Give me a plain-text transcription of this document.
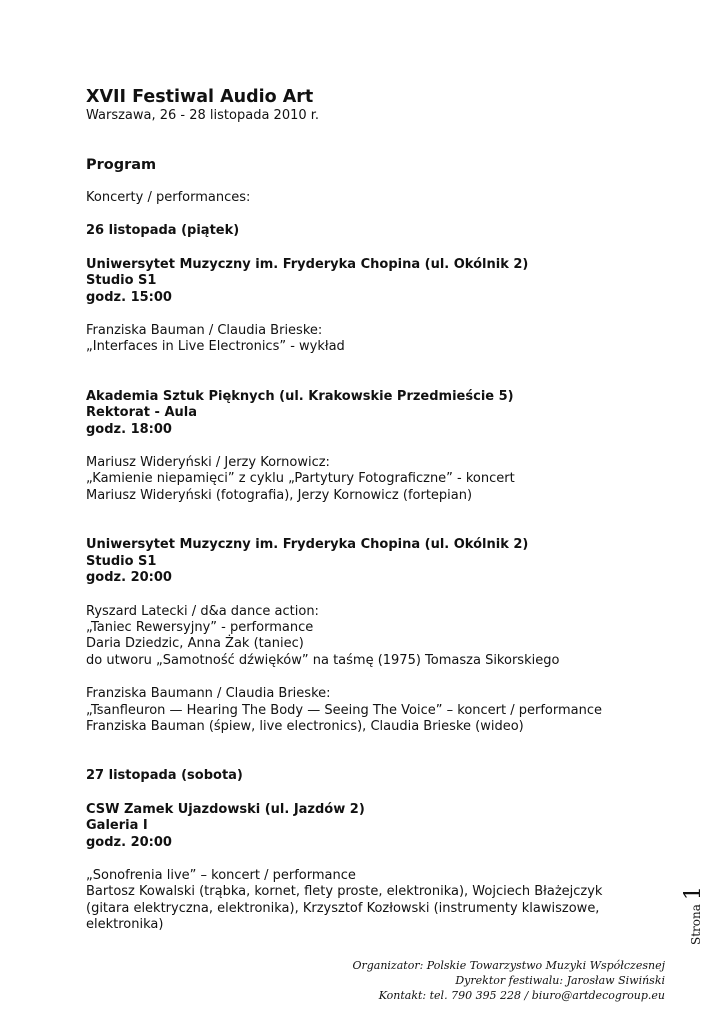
XVII Festiwal Audio Art
Warszawa, 26 - 28 listopada 2010 r.
Program
Koncerty / performances:
26 listopada (piątek)
Uniwersytet Muzyczny im. Fryderyka Chopina (ul. Okólnik 2)
Studio S1
godz. 15:00
Franziska Bauman / Claudia Brieske:
„Interfaces in Live Electronics” - wykład
Akademia Sztuk Pięknych (ul. Krakowskie Przedmieście 5)
Rektorat - Aula
godz. 18:00
Mariusz Wideryński / Jerzy Kornowicz:
„Kamienie niepamięci” z cyklu „Partytury Fotograficzne” - koncert
Mariusz Wideryński (fotografia), Jerzy Kornowicz (fortepian)
Uniwersytet Muzyczny im. Fryderyka Chopina (ul. Okólnik 2)
Studio S1
godz. 20:00
Ryszard Latecki / d&a dance action:
„Taniec Rewersyjny” - performance
Daria Dziedzic, Anna Żak (taniec)
do utworu „Samotność dźwięków” na taśmę (1975) Tomasza Sikorskiego
Franziska Baumann / Claudia Brieske:
„Tsanfleuron — Hearing The Body — Seeing The Voice” – koncert / performance
Franziska Bauman (śpiew, live electronics), Claudia Brieske (wideo)
27 listopada (sobota)
CSW Zamek Ujazdowski (ul. Jazdów 2)
Galeria I
godz. 20:00
„Sonofrenia live” – koncert / performance
Bartosz Kowalski (trąbka, kornet, flety proste, elektronika), Wojciech Błażejczyk
(gitara elektryczna, elektronika), Krzysztof Kozłowski (instrumenty klawiszowe,
elektronika)	Strona
1
Organizator: Polskie Towarzystwo Muzyki Współczesnej
Dyrektor festiwalu: Jarosław Siwiński
Kontakt: tel. 790 395 228 / biuro@artdecogroup.eu
